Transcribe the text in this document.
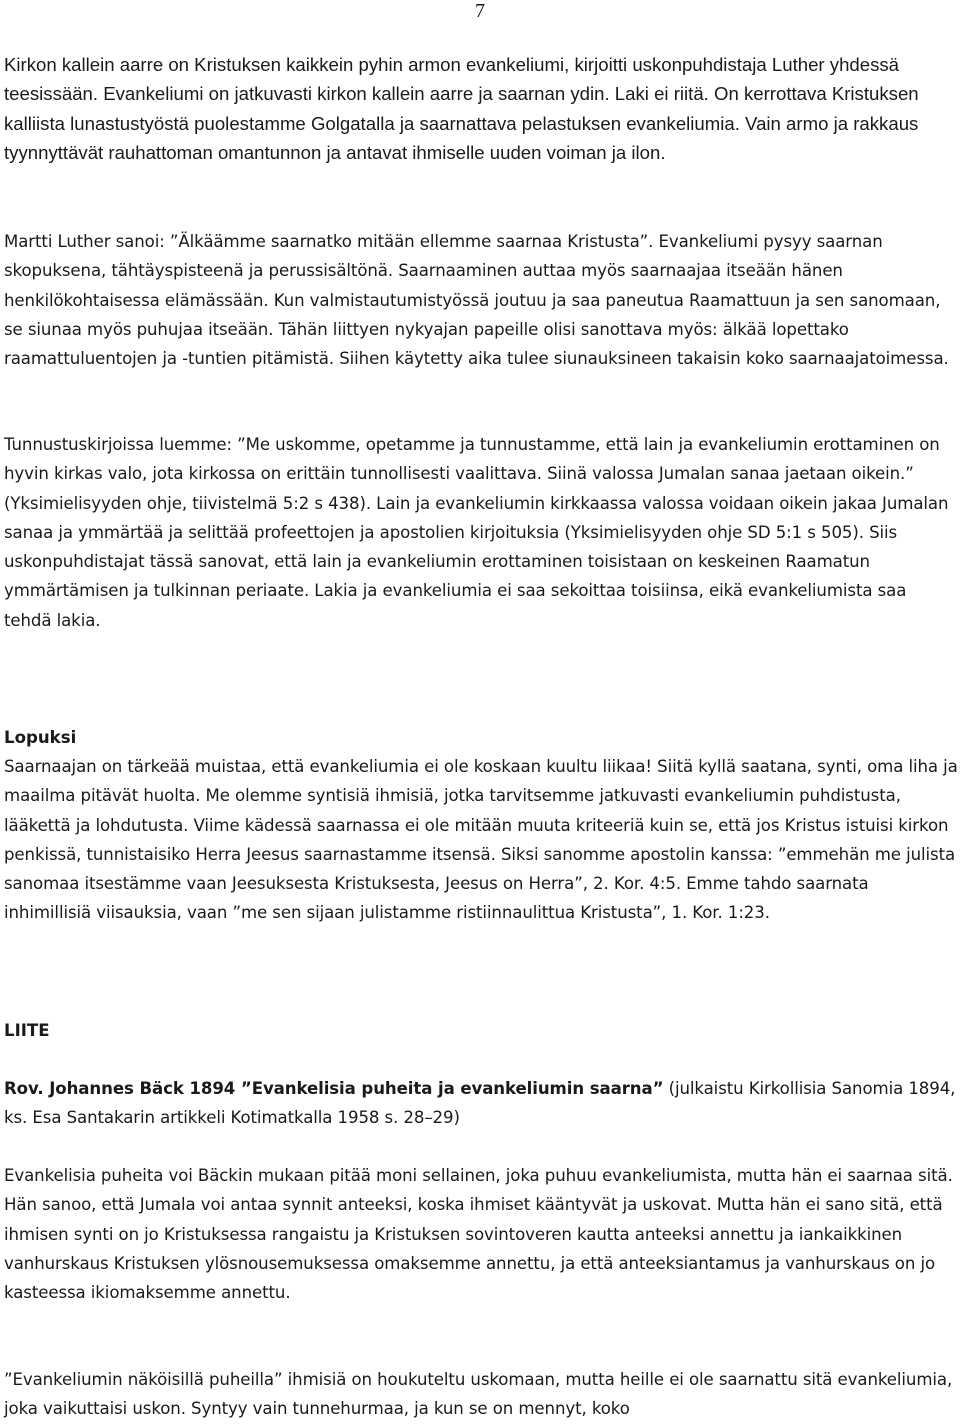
7

Kirkon kallein aarre on Kristuksen kaikkein pyhin armon evankeliumi, kirjoitti uskonpuhdistaja Luther yhdessä teesissään. Evankeliumi on jatkuvasti kirkon kallein aarre ja saarnan ydin. Laki ei riitä. On kerrottava Kristuksen kalliista lunastustyöstä puolestamme Golgatalla ja saarnattava pelastuksen evankeliumia. Vain armo ja rakkaus tyynnyttävät rauhattoman omantunnon ja antavat ihmiselle uuden voiman ja ilon.

Martti Luther sanoi: ”Älkäämme saarnatko mitään ellemme saarnaa Kristusta”. Evankeliumi pysyy saarnan skopuksena, tähtäyspisteenä ja perussisältönä. Saarnaaminen auttaa myös saarnaajaa itseään hänen henkilökohtaisessa elämässään. Kun valmistautumistyössä joutuu ja saa paneutua Raamattuun ja sen sanomaan, se siunaa myös puhujaa itseään. Tähän liittyen nykyajan papeille olisi sanottava myös: älkää lopettako raamattuluentojen ja -tuntien pitämistä. Siihen käytetty aika tulee siunauksineen takaisin koko saarnaajatoimessa.

Tunnustuskirjoissa luemme: ”Me uskomme, opetamme ja tunnustamme, että lain ja evankeliumin erottaminen on hyvin kirkas valo, jota kirkossa on erittäin tunnollisesti vaalittava. Siinä valossa Jumalan sanaa jaetaan oikein.” (Yksimielisyyden ohje, tiivistelmä 5:2 s 438). Lain ja evankeliumin kirkkaassa valossa voidaan oikein jakaa Jumalan sanaa ja ymmärtää ja selittää profeettojen ja apostolien kirjoituksia (Yksimielisyyden ohje SD 5:1 s 505). Siis uskonpuhdistajat tässä sanovat, että lain ja evankeliumin erottaminen toisistaan on keskeinen Raamatun ymmärtämisen ja tulkinnan periaate. Lakia ja evankeliumia ei saa sekoittaa toisiinsa, eikä evankeliumista saa tehdä lakia.

Lopuksi

Saarnaajan on tärkeää muistaa, että evankeliumia ei ole koskaan kuultu liikaa! Siitä kyllä saatana, synti, oma liha ja maailma pitävät huolta. Me olemme syntisiä ihmisiä, jotka tarvitsemme jatkuvasti evankeliumin puhdistusta, lääkettä ja lohdutusta. Viime kädessä saarnassa ei ole mitään muuta kriteeriä kuin se, että jos Kristus istuisi kirkon penkissä, tunnistaisiko Herra Jeesus saarnastamme itsensä. Siksi sanomme apostolin kanssa: ”emmehän me julista sanomaa itsestämme vaan Jeesuksesta Kristuksesta, Jeesus on Herra”, 2. Kor. 4:5. Emme tahdo saarnata inhimillisiä viisauksia, vaan ”me sen sijaan julistamme ristiinnaulittua Kristusta”, 1. Kor. 1:23.

LIITE

Rov. Johannes Bäck 1894 ”Evankelisia puheita ja evankeliumin saarna” (julkaistu Kirkollisia Sanomia 1894, ks. Esa Santakarin artikkeli Kotimatkalla 1958 s. 28–29)

Evankelisia puheita voi Bäckin mukaan pitää moni sellainen, joka puhuu evankeliumista, mutta hän ei saarnaa sitä. Hän sanoo, että Jumala voi antaa synnit anteeksi, koska ihmiset kääntyvät ja uskovat. Mutta hän ei sano sitä, että ihmisen synti on jo Kristuksessa rangaistu ja Kristuksen sovintoveren kautta anteeksi annettu ja iankaikkinen vanhurskaus Kristuksen ylösnousemuksessa omaksemme annettu, ja että anteeksiantamus ja vanhurskaus on jo kasteessa ikiomaksemme annettu.

”Evankeliumin näköisillä puheilla” ihmisiä on houkuteltu uskomaan, mutta heille ei ole saarnattu sitä evankeliumia, joka vaikuttaisi uskon. Syntyy vain tunnehurmaa, ja kun se on mennyt, koko
